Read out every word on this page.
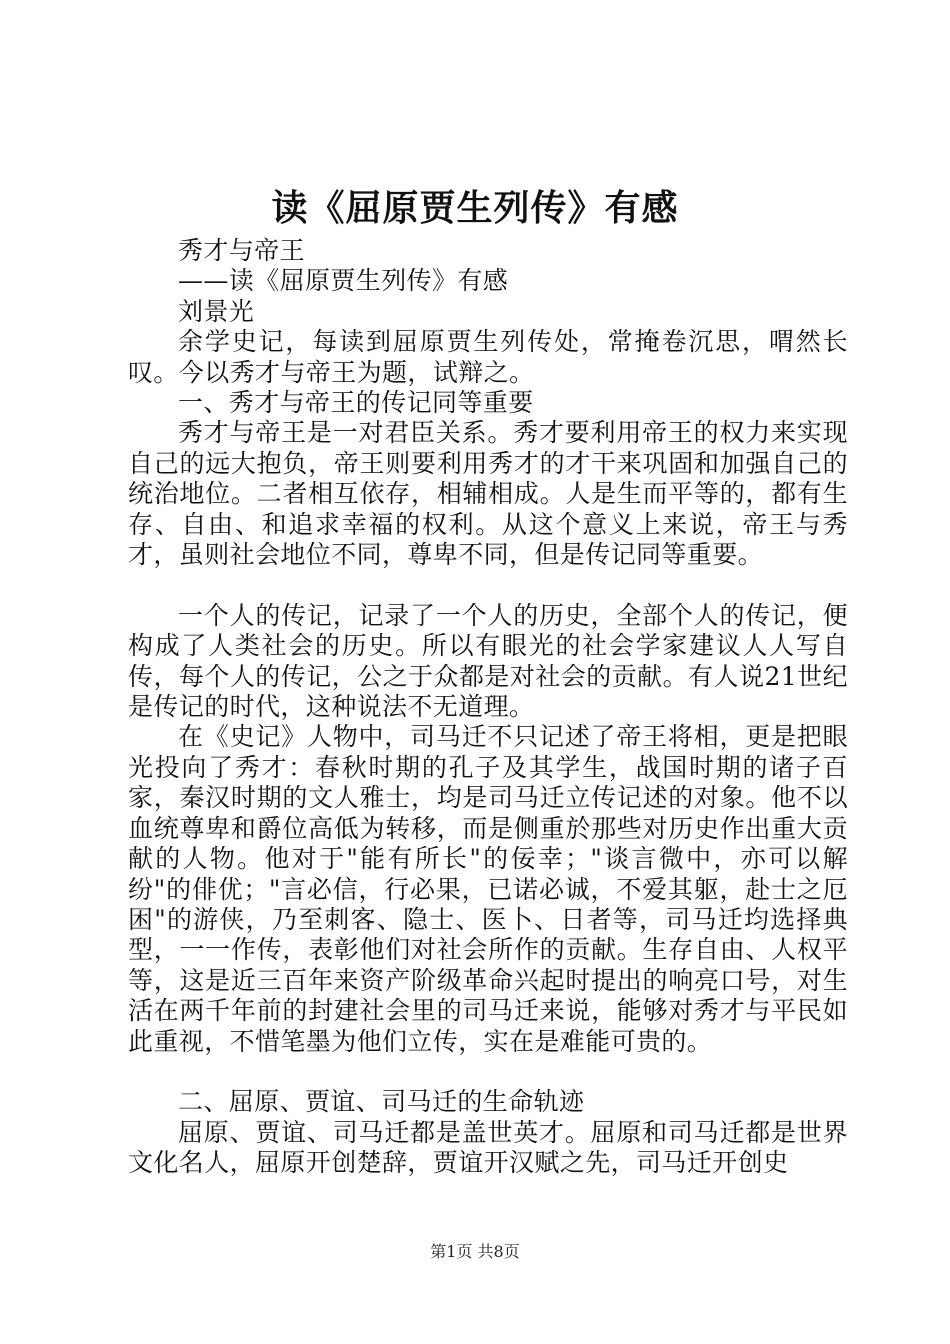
读《屈原贾生列传》有感

秀才与帝王

——读《屈原贾生列传》有感

刘景光

余学史记，每读到屈原贾生列传处，常掩卷沉思，喟然长叹。今以秀才与帝王为题，试辩之。

一、秀才与帝王的传记同等重要

秀才与帝王是一对君臣关系。秀才要利用帝王的权力来实现自己的远大抱负，帝王则要利用秀才的才干来巩固和加强自己的统治地位。二者相互依存，相辅相成。人是生而平等的，都有生存、自由、和追求幸福的权利。从这个意义上来说，帝王与秀才，虽则社会地位不同，尊卑不同，但是传记同等重要。

一个人的传记，记录了一个人的历史，全部个人的传记，便构成了人类社会的历史。所以有眼光的社会学家建议人人写自传，每个人的传记，公之于众都是对社会的贡献。有人说21世纪是传记的时代，这种说法不无道理。

在《史记》人物中，司马迁不只记述了帝王将相，更是把眼光投向了秀才：春秋时期的孔子及其学生，战国时期的诸子百家，秦汉时期的文人雅士，均是司马迁立传记述的对象。他不以血统尊卑和爵位高低为转移，而是侧重於那些对历史作出重大贡献的人物。他对于"能有所长"的佞幸；"谈言微中，亦可以解纷"的俳优；"言必信，行必果，已诺必诚，不爱其躯，赴士之厄困"的游侠，乃至刺客、隐士、医卜、日者等，司马迁均选择典型，一一作传，表彰他们对社会所作的贡献。生存自由、人权平等，这是近三百年来资产阶级革命兴起时提出的响亮口号，对生活在两千年前的封建社会里的司马迁来说，能够对秀才与平民如此重视，不惜笔墨为他们立传，实在是难能可贵的。

二、屈原、贾谊、司马迁的生命轨迹

屈原、贾谊、司马迁都是盖世英才。屈原和司马迁都是世界文化名人，屈原开创楚辞，贾谊开汉赋之先，司马迁开创史

第1页 共8页
